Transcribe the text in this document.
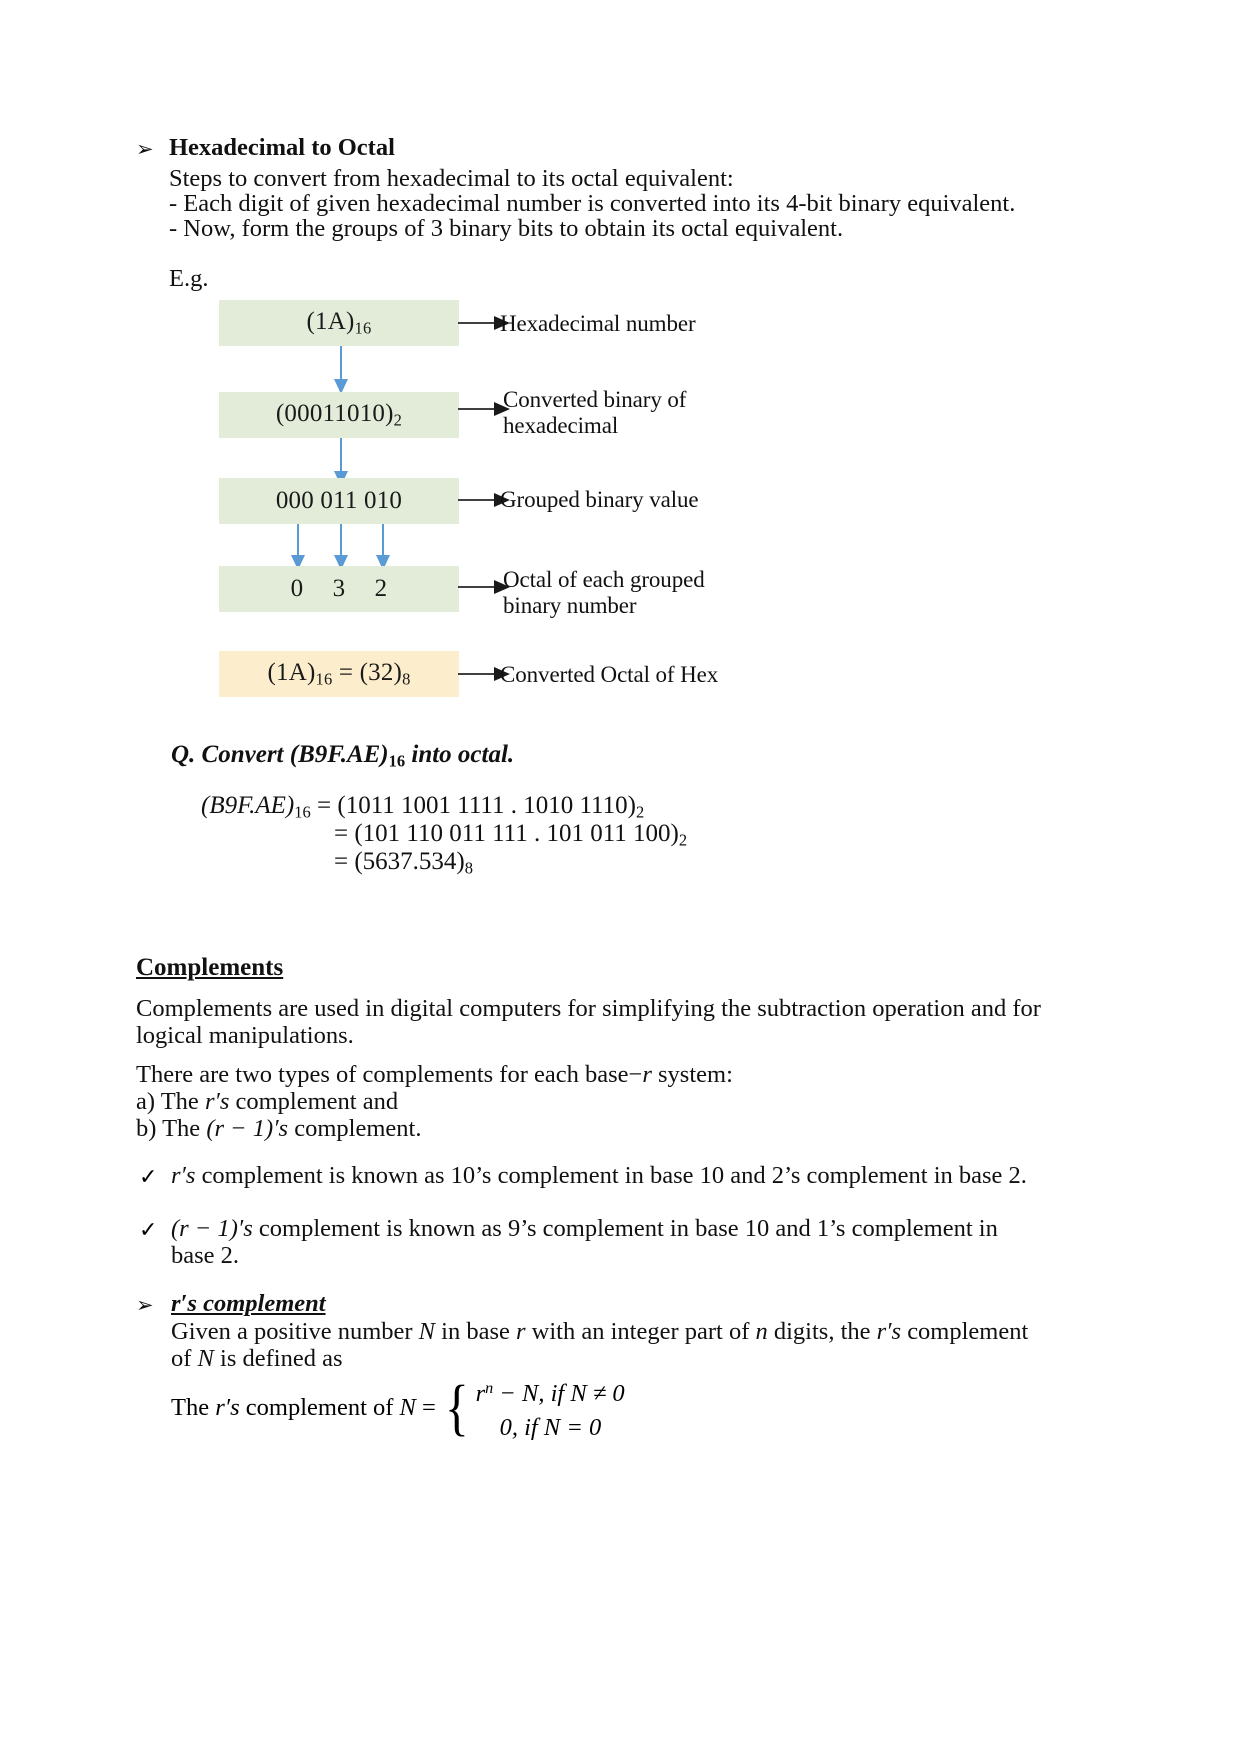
➢ Hexadecimal to Octal
Steps to convert from hexadecimal to its octal equivalent:
- Each digit of given hexadecimal number is converted into its 4-bit binary equivalent.
- Now, form the groups of 3 binary bits to obtain its octal equivalent.
E.g.
$(1A)_{16}$	Hexadecimal number
$(00011010)_2$
Converted binary of
hexadecimal
000 011 010	Grouped binary value
0 3 2	Octal of each grouped
binary number
$(1A)_{16} = (32)_8$	Converted Octal of Hex
Q. Convert $(B9F.AE)_{16}$ into octal.
$(B9F.AE)_{16} = (1011$ 1001 1111 . 1010 $1110)_2$
= (101 110 011 111 . 101 011 $100)_2$
= $(5637.534)_8$
Complements
Complements are used in digital computers for simplifying the subtraction operation and for
logical manipulations.
There are two types of complements for each base−r system:
a) The r′s complement and
b) The (r − 1)′s complement.
✓ r′s complement is known as 10’s complement in base 10 and 2’s complement in base 2.
✓ (r − 1)′s complement is known as 9’s complement in base 10 and 1’s complement in
base 2.
➢ r′s complement
Given a positive number N in base r with an integer part of n digits, the r′s complement
of N is defined as
The r′s complement of N = { $r^n - N$, if N ≠ 0
0, if N = 0
